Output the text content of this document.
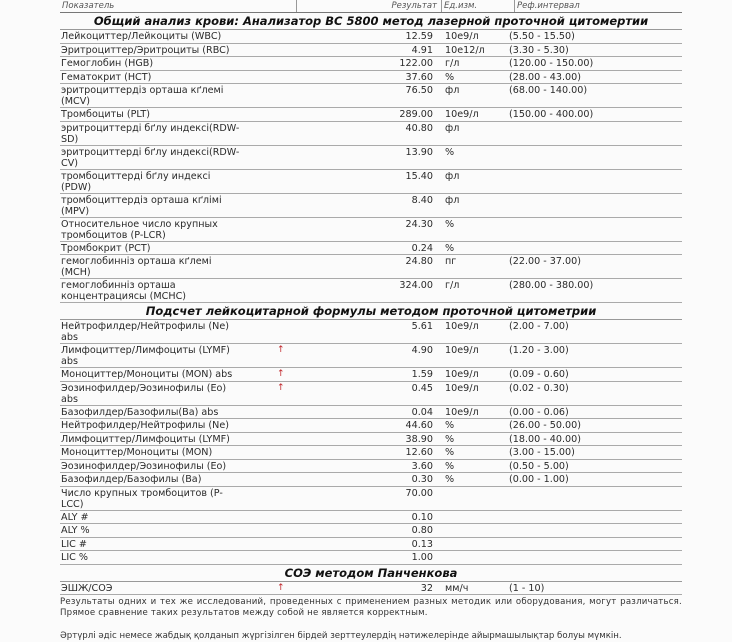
Показатель	Результат Ед.изм.	Реф.интервал
Общий анализ крови: Анализатор BC 5800 метод лазерной проточной цитомертии
Лейкоциттер/Лейкоциты (WBC)	12.59	10e9/л	(5.50 - 15.50)
Эритроциттер/Эритроциты (RBC)	4.91	10e12/л	(3.30 - 5.30)
Гемоглобин (HGB)	122.00	г/л	(120.00 - 150.00)
Гематокрит (HCT)	37.60	%	(28.00 - 43.00)
эритроциттердiз орташа кґлемi (MCV)
76.50	фл	(68.00 - 140.00)
Тромбоциты (PLT)	289.00	10e9/л	(150.00 - 400.00)
эритроциттердi бґлу индексi(RDW-SD)
40.80	фл
эритроциттердi бґлу индексi(RDW-CV)
13.90	%
тромбоциттердi бґлу индексi (PDW)
15.40	фл
тромбоциттердiз орташа кґлiмi (MPV)
8.40	фл
Относительное число крупных тромбоцитов (P-LCR)
24.30	%
Тромбокрит (PCT)	0.24	%
гемоглобиннiз орташа кґлемi (MCH)
24.80	пг	(22.00 - 37.00)
гемоглобиннiз орташа концентрациясы (MCHC)
324.00	г/л	(280.00 - 380.00)
Подсчет лейкоцитарной формулы методом проточной цитометрии
Нейтрофилдер/Нейтрофилы (Ne) abs
5.61	10e9/л	(2.00 - 7.00)
Лимфоциттер/Лимфоциты (LYMF) abs
↑	4.90	10e9/л	(1.20 - 3.00)
Моноциттер/Моноциты (MON) abs	↑	1.59	10e9/л	(0.09 - 0.60)
Эозинофилдер/Эозинофилы (Eo) abs
↑	0.45	10e9/л	(0.02 - 0.30)
Базофилдер/Базофилы(Ba) abs	0.04	10e9/л	(0.00 - 0.06)
Нейтрофилдер/Нейтрофилы (Ne)	44.60	%	(26.00 - 50.00)
Лимфоциттер/Лимфоциты (LYMF)	38.90	%	(18.00 - 40.00)
Моноциттер/Моноциты (MON)	12.60	%	(3.00 - 15.00)
Эозинофилдер/Эозинофилы (Eo)	3.60	%	(0.50 - 5.00)
Базофилдер/Базофилы (Ba)	0.30	%	(0.00 - 1.00)
Число крупных тромбоцитов (P-LCC)
70.00
ALY #	0.10
ALY %	0.80
LIC #	0.13
LIC %	1.00
СОЭ методом Панченкова
ЭШЖ/СОЭ	↑	32	мм/ч	(1 - 10)
Результаты одних и тех же исследований, проведенных с применением разных методик или оборудования, могут различаться. Прямое сравнение таких результатов между собой не является корректным.
Әртүрлі әдіс немесе жабдық қолданып жүргізілген бірдей зерттеулердің нәтижелерінде айырмашылықтар болуы мүмкін.
